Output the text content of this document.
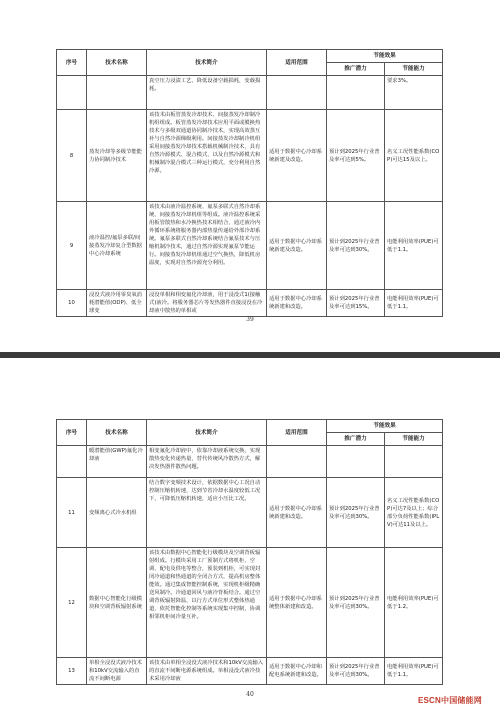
序号	技术名称	技术简介	适用范围	节能效果	
				推广潜力	节能能力
		真空压力浸渍工艺，降低设备空载损耗，变载损耗。			要求3%。
8	蒸发冷却等多级节能能力协同制冷技术	该技术由板管蒸发冷却技术、间接蒸发冷却制冷机组组成。板管蒸发冷却技术应用平面或膜换热技术与多级双通道协同制冷技术，实现高效蒸互补与自然冷源梯级利用。间接蒸发冷却制冷机组采用间接蒸发冷却技术搭载机械制冷技术，具有自然冷源模式、混合模式，以及自然冷源模式和机械制冷混合模式三种运行模式，充分利用自然冷源。	适用于数据中心冷却系统新建及改造。	预计到2025年行业普及率可达到5%。	名义工况性能系数(COP)可达15及以上。
9	液冷温控/氟泵多联/间接蒸发冷却复合型数据中心冷却系统	该技术由液冷温控系统、氟泵多联式自然冷却系统、间接蒸发冷却机组等组成。液冷温控系统采用板管散热和水冷换热技术相结合，通过液冷内外循环系统将服务器内部热量传递给外部冷却系统。氟泵多联式自然冷却系统结合氟泵技术与压缩机制冷技术，通过自然冷源实现氟泵节能运行。间接蒸发冷却机组通过空气换热，降低机房温度，实现对自然冷源充分利用。	适用于数据中心冷却系统新建及改造。	预计到2025年行业普及率可达到30%。	电能利用效率(PUE)可低于1.1。
10	浸没式液冷用零臭氧消耗潜能值(ODP)、低全球变	浸没单相和相变氟化冷却液，用于浸没式1(接触式)液冷。将服务器芯片等发热器件直接浸没在冷却液中散热的单相或	适用于数据中心冷却系统新建和改造。	预计到2025年行业普及率可达到15%。	电能利用效率(PUE)可低于1.1。
39
序号	技术名称	技术简介	适用范围	节能效果	
				推广潜力	节能能力
	暖潜能值(GWP)氟化冷却液	相变氟化冷却液中，依靠冷却液系统交换，实现散热变化传递热量，替代传统风冷散热方式，解决发热器件散热问题。			
11	变频离心式冷水机组	结合数字变频技术设计，依据数据中心工况自动控制压缩机转速，达到节省冷却水温度较低工况下，可降低压缩机转速，适应小压比工况。	适用于数据中心冷却系统新建和改造。	预计到2025年行业普及率可达到30%。	名义工况性能系数(COP)可达7及以上；综合部分负荷性能系数(IPLV)可达11及以上。
12	数据中心智能化行级模块和空调背板辐射系统	该技术由数据中心智能化行级模块及空调背板辐射组成。行模块采用工厂预制方式将机柜、空调、配电及供电等整合，预装到机柜，可实现封闭冷通道和热通道的全闭合方式，提高机房整体能效。通过集成智能控制系统，实现机柜级精确送风制冷。冷通道回风与液冷背板结合。通过空调背板辐射降温，以行方式单位形式整体热通道，依托智能化控制等系统实现集中控制，协调相邻机柜间冷量互补。	适用于数据中心冷却系统整体新建和改造。	预计到2025年行业普及率可达到30%。	电能利用效率(PUE)可低于1.2。
13	单相全浸没式液冷技术和10kV交流输入的直流不间断电源	该技术由单相全浸没式液冷技术和10kV交流输入的直流不间断电源系统组成。单相浸没式液冷技术采用冷却液	适用于数据中心冷却和配电系统新建和改造。	预计到2025年行业普及率可达到30%。	电能利用效率(PUE)可低于1.1。
40
ESCN中国储能网
